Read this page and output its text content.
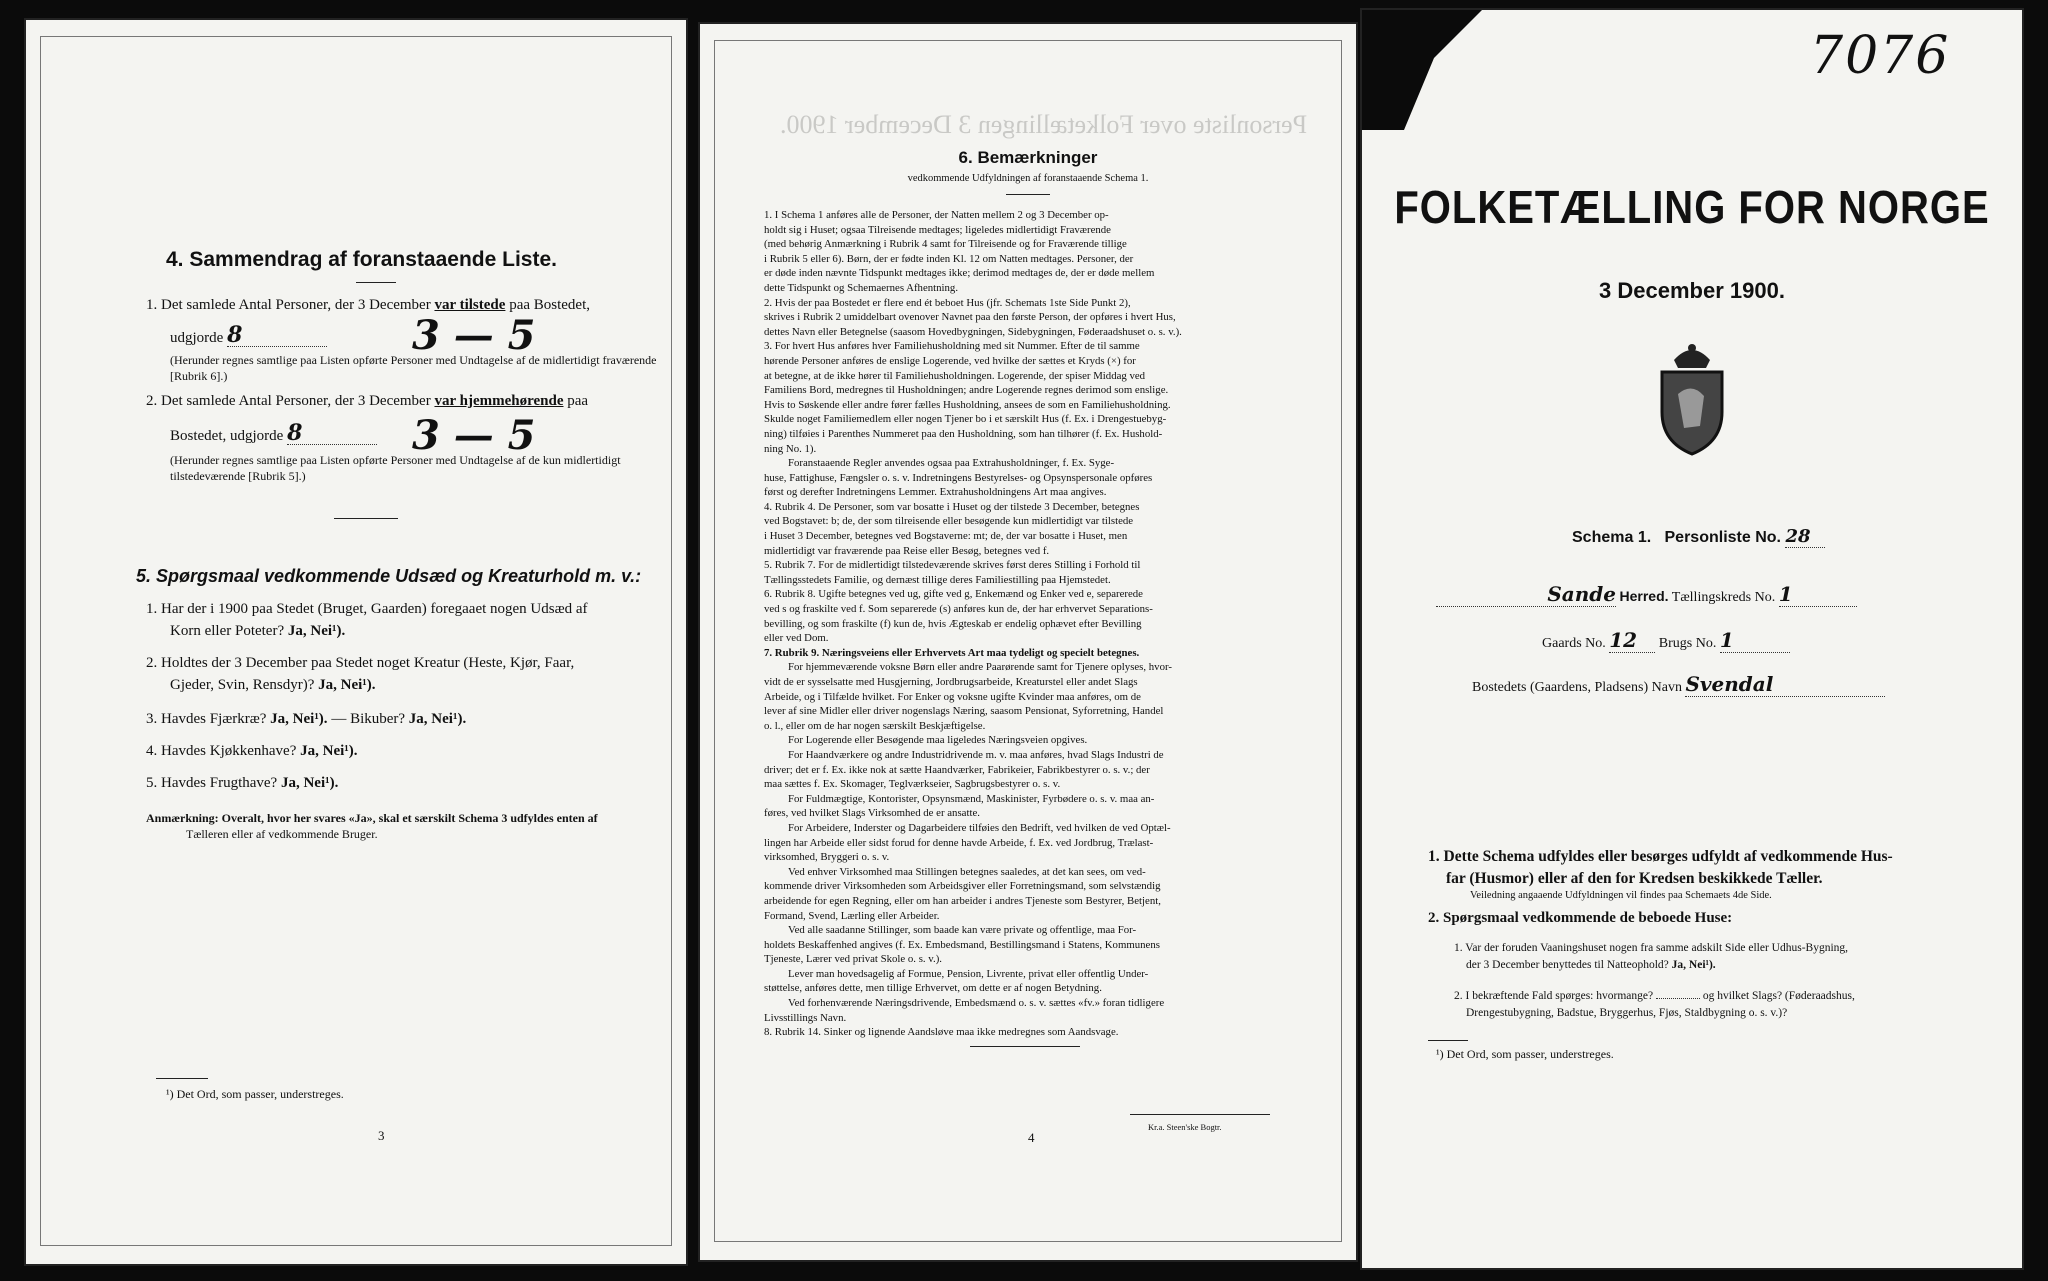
4. Sammendrag af foranstaaende Liste.
1. Det samlede Antal Personer, der 3 December var tilstede paa Bostedet,
udgjorde 8	3 — 5
(Herunder regnes samtlige paa Listen opførte Personer med Undtagelse af de midlertidigt fraværende [Rubrik 6].)
2. Det samlede Antal Personer, der 3 December var hjemmehørende paa
Bostedet, udgjorde 8	3 — 5
(Herunder regnes samtlige paa Listen opførte Personer med Undtagelse af de kun midlertidigt tilstedeværende [Rubrik 5].)
5. Spørgsmaal vedkommende Udsæd og Kreaturhold m. v.:
1. Har der i 1900 paa Stedet (Bruget, Gaarden) foregaaet nogen Udsæd af
Korn eller Poteter? Ja, Nei¹).
2. Holdtes der 3 December paa Stedet noget Kreatur (Heste, Kjør, Faar,
Gjeder, Svin, Rensdyr)? Ja, Nei¹).
3. Havdes Fjærkræ? Ja, Nei¹). — Bikuber? Ja, Nei¹).
4. Havdes Kjøkkenhave? Ja, Nei¹).
5. Havdes Frugthave? Ja, Nei¹).
Anmærkning: Overalt, hvor her svares «Ja», skal et særskilt Schema 3 udfyldes enten af
Tælleren eller af vedkommende Bruger.
¹) Det Ord, som passer, understreges.
3
Personliste over Folketællingen 3 December 1900.
6. Bemærkninger
vedkommende Udfyldningen af foranstaaende Schema 1.
1. I Schema 1 anføres alle de Personer, der Natten mellem 2 og 3 December op-
holdt sig i Huset; ogsaa Tilreisende medtages; ligeledes midlertidigt Fraværende
(med behørig Anmærkning i Rubrik 4 samt for Tilreisende og for Fraværende tillige
i Rubrik 5 eller 6). Børn, der er fødte inden Kl. 12 om Natten medtages. Personer, der
er døde inden nævnte Tidspunkt medtages ikke; derimod medtages de, der er døde mellem
dette Tidspunkt og Schemaernes Afhentning.
2. Hvis der paa Bostedet er flere end ét beboet Hus (jfr. Schemats 1ste Side Punkt 2),
skrives i Rubrik 2 umiddelbart ovenover Navnet paa den første Person, der opføres i hvert Hus,
dettes Navn eller Betegnelse (saasom Hovedbygningen, Sidebygningen, Føderaadshuset o. s. v.).
3. For hvert Hus anføres hver Familiehusholdning med sit Nummer. Efter de til samme
hørende Personer anføres de enslige Logerende, ved hvilke der sættes et Kryds (×) for
at betegne, at de ikke hører til Familiehusholdningen. Logerende, der spiser Middag ved
Familiens Bord, medregnes til Husholdningen; andre Logerende regnes derimod som enslige.
Hvis to Søskende eller andre fører fælles Husholdning, ansees de som en Familiehusholdning.
Skulde noget Familiemedlem eller nogen Tjener bo i et særskilt Hus (f. Ex. i Drengestuebyg-
ning) tilføies i Parenthes Nummeret paa den Husholdning, som han tilhører (f. Ex. Hushold-
ning No. 1).
Foranstaaende Regler anvendes ogsaa paa Extrahusholdninger, f. Ex. Syge-
huse, Fattighuse, Fængsler o. s. v. Indretningens Bestyrelses- og Opsynspersonale opføres
først og derefter Indretningens Lemmer. Extrahusholdningens Art maa angives.
4. Rubrik 4. De Personer, som var bosatte i Huset og der tilstede 3 December, betegnes
ved Bogstavet: b; de, der som tilreisende eller besøgende kun midlertidigt var tilstede
i Huset 3 December, betegnes ved Bogstaverne: mt; de, der var bosatte i Huset, men
midlertidigt var fraværende paa Reise eller Besøg, betegnes ved f.
5. Rubrik 7. For de midlertidigt tilstedeværende skrives først deres Stilling i Forhold til
Tællingsstedets Familie, og dernæst tillige deres Familiestilling paa Hjemstedet.
6. Rubrik 8. Ugifte betegnes ved ug, gifte ved g, Enkemænd og Enker ved e, separerede
ved s og fraskilte ved f. Som separerede (s) anføres kun de, der har erhvervet Separations-
bevilling, og som fraskilte (f) kun de, hvis Ægteskab er endelig ophævet efter Bevilling
eller ved Dom.
7. Rubrik 9. Næringsveiens eller Erhvervets Art maa tydeligt og specielt betegnes.
For hjemmeværende voksne Børn eller andre Paarørende samt for Tjenere oplyses, hvor-
vidt de er sysselsatte med Husgjerning, Jordbrugsarbeide, Kreaturstel eller andet Slags
Arbeide, og i Tilfælde hvilket. For Enker og voksne ugifte Kvinder maa anføres, om de
lever af sine Midler eller driver nogenslags Næring, saasom Pensionat, Syforretning, Handel
o. l., eller om de har nogen særskilt Beskjæftigelse.
For Logerende eller Besøgende maa ligeledes Næringsveien opgives.
For Haandværkere og andre Industridrivende m. v. maa anføres, hvad Slags Industri de
driver; det er f. Ex. ikke nok at sætte Haandværker, Fabrikeier, Fabrikbestyrer o. s. v.; der
maa sættes f. Ex. Skomager, Teglværkseier, Sagbrugsbestyrer o. s. v.
For Fuldmægtige, Kontorister, Opsynsmænd, Maskinister, Fyrbødere o. s. v. maa an-
føres, ved hvilket Slags Virksomhed de er ansatte.
For Arbeidere, Inderster og Dagarbeidere tilføies den Bedrift, ved hvilken de ved Optæl-
lingen har Arbeide eller sidst forud for denne havde Arbeide, f. Ex. ved Jordbrug, Trælast-
virksomhed, Bryggeri o. s. v.
Ved enhver Virksomhed maa Stillingen betegnes saaledes, at det kan sees, om ved-
kommende driver Virksomheden som Arbeidsgiver eller Forretningsmand, som selvstændig
arbeidende for egen Regning, eller om han arbeider i andres Tjeneste som Bestyrer, Betjent,
Formand, Svend, Lærling eller Arbeider.
Ved alle saadanne Stillinger, som baade kan være private og offentlige, maa For-
holdets Beskaffenhed angives (f. Ex. Embedsmand, Bestillingsmand i Statens, Kommunens
Tjeneste, Lærer ved privat Skole o. s. v.).
Lever man hovedsagelig af Formue, Pension, Livrente, privat eller offentlig Under-
støttelse, anføres dette, men tillige Erhvervet, om dette er af nogen Betydning.
Ved forhenværende Næringsdrivende, Embedsmænd o. s. v. sættes «fv.» foran tidligere
Livsstillings Navn.
8. Rubrik 14. Sinker og lignende Aandsløve maa ikke medregnes som Aandsvage.
4
Kr.a. Steen'ske Bogtr.
7076
FOLKETÆLLING FOR NORGE
3 December 1900.
Schema 1. Personliste No. 28
Sande Herred. Tællingskreds No. 1
Gaards No. 12 Brugs No. 1
Bostedets (Gaardens, Pladsens) Navn Svendal
1. Dette Schema udfyldes eller besørges udfyldt af vedkommende Hus-
far (Husmor) eller af den for Kredsen beskikkede Tæller.
Veiledning angaaende Udfyldningen vil findes paa Schemaets 4de Side.
2. Spørgsmaal vedkommende de beboede Huse:
1. Var der foruden Vaaningshuset nogen fra samme adskilt Side eller Udhus-Bygning,
der 3 December benyttedes til Natteophold? Ja, Nei¹).
2. I bekræftende Fald spørges: hvormange?	og hvilket Slags? (Føderaadshus,
Drengestubygning, Badstue, Bryggerhus, Fjøs, Staldbygning o. s. v.)?
¹) Det Ord, som passer, understreges.
